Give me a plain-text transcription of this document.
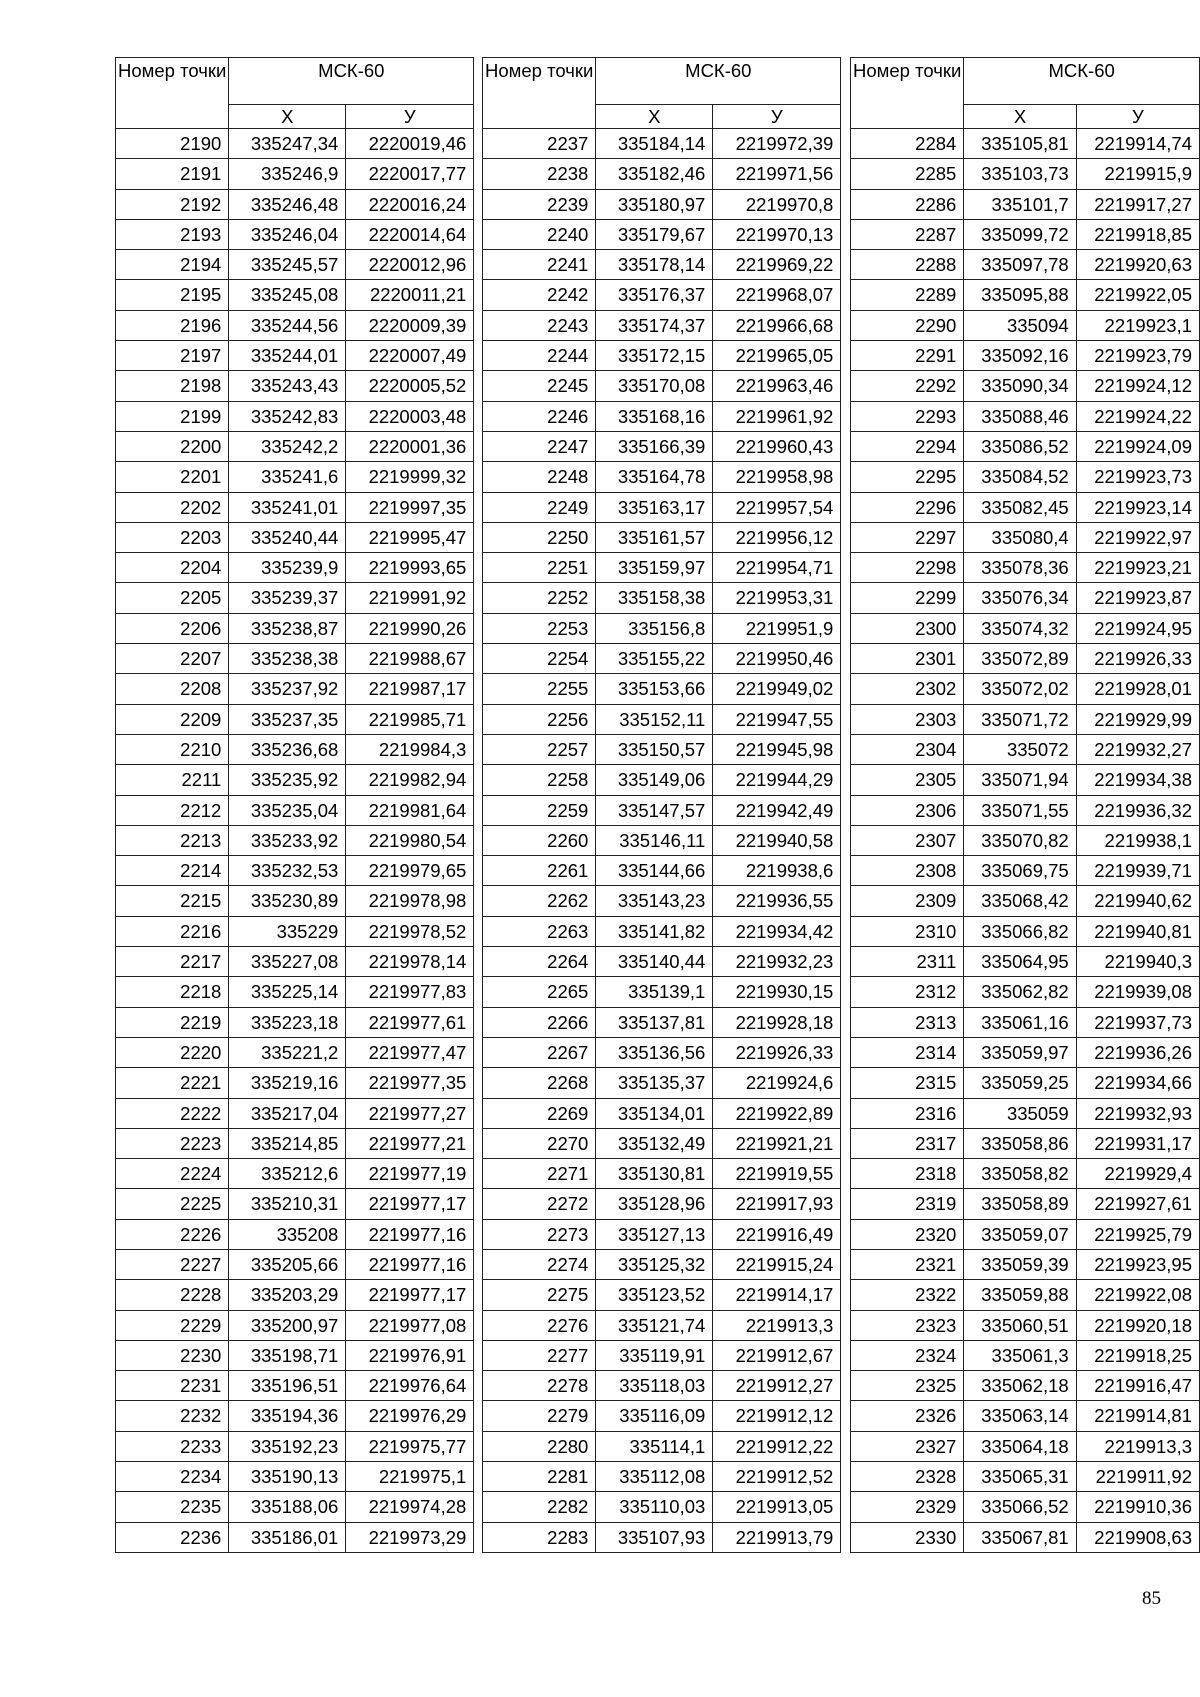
Номер точки	МСК-60	
	Х	У
2190	335247,34	2220019,46
2191	335246,9	2220017,77
2192	335246,48	2220016,24
2193	335246,04	2220014,64
2194	335245,57	2220012,96
2195	335245,08	2220011,21
2196	335244,56	2220009,39
2197	335244,01	2220007,49
2198	335243,43	2220005,52
2199	335242,83	2220003,48
2200	335242,2	2220001,36
2201	335241,6	2219999,32
2202	335241,01	2219997,35
2203	335240,44	2219995,47
2204	335239,9	2219993,65
2205	335239,37	2219991,92
2206	335238,87	2219990,26
2207	335238,38	2219988,67
2208	335237,92	2219987,17
2209	335237,35	2219985,71
2210	335236,68	2219984,3
2211	335235,92	2219982,94
2212	335235,04	2219981,64
2213	335233,92	2219980,54
2214	335232,53	2219979,65
2215	335230,89	2219978,98
2216	335229	2219978,52
2217	335227,08	2219978,14
2218	335225,14	2219977,83
2219	335223,18	2219977,61
2220	335221,2	2219977,47
2221	335219,16	2219977,35
2222	335217,04	2219977,27
2223	335214,85	2219977,21
2224	335212,6	2219977,19
2225	335210,31	2219977,17
2226	335208	2219977,16
2227	335205,66	2219977,16
2228	335203,29	2219977,17
2229	335200,97	2219977,08
2230	335198,71	2219976,91
2231	335196,51	2219976,64
2232	335194,36	2219976,29
2233	335192,23	2219975,77
2234	335190,13	2219975,1
2235	335188,06	2219974,28
2236	335186,01	2219973,29
Номер точки	МСК-60	
	Х	У
2237	335184,14	2219972,39
2238	335182,46	2219971,56
2239	335180,97	2219970,8
2240	335179,67	2219970,13
2241	335178,14	2219969,22
2242	335176,37	2219968,07
2243	335174,37	2219966,68
2244	335172,15	2219965,05
2245	335170,08	2219963,46
2246	335168,16	2219961,92
2247	335166,39	2219960,43
2248	335164,78	2219958,98
2249	335163,17	2219957,54
2250	335161,57	2219956,12
2251	335159,97	2219954,71
2252	335158,38	2219953,31
2253	335156,8	2219951,9
2254	335155,22	2219950,46
2255	335153,66	2219949,02
2256	335152,11	2219947,55
2257	335150,57	2219945,98
2258	335149,06	2219944,29
2259	335147,57	2219942,49
2260	335146,11	2219940,58
2261	335144,66	2219938,6
2262	335143,23	2219936,55
2263	335141,82	2219934,42
2264	335140,44	2219932,23
2265	335139,1	2219930,15
2266	335137,81	2219928,18
2267	335136,56	2219926,33
2268	335135,37	2219924,6
2269	335134,01	2219922,89
2270	335132,49	2219921,21
2271	335130,81	2219919,55
2272	335128,96	2219917,93
2273	335127,13	2219916,49
2274	335125,32	2219915,24
2275	335123,52	2219914,17
2276	335121,74	2219913,3
2277	335119,91	2219912,67
2278	335118,03	2219912,27
2279	335116,09	2219912,12
2280	335114,1	2219912,22
2281	335112,08	2219912,52
2282	335110,03	2219913,05
2283	335107,93	2219913,79
Номер точки	МСК-60	
	Х	У
2284	335105,81	2219914,74
2285	335103,73	2219915,9
2286	335101,7	2219917,27
2287	335099,72	2219918,85
2288	335097,78	2219920,63
2289	335095,88	2219922,05
2290	335094	2219923,1
2291	335092,16	2219923,79
2292	335090,34	2219924,12
2293	335088,46	2219924,22
2294	335086,52	2219924,09
2295	335084,52	2219923,73
2296	335082,45	2219923,14
2297	335080,4	2219922,97
2298	335078,36	2219923,21
2299	335076,34	2219923,87
2300	335074,32	2219924,95
2301	335072,89	2219926,33
2302	335072,02	2219928,01
2303	335071,72	2219929,99
2304	335072	2219932,27
2305	335071,94	2219934,38
2306	335071,55	2219936,32
2307	335070,82	2219938,1
2308	335069,75	2219939,71
2309	335068,42	2219940,62
2310	335066,82	2219940,81
2311	335064,95	2219940,3
2312	335062,82	2219939,08
2313	335061,16	2219937,73
2314	335059,97	2219936,26
2315	335059,25	2219934,66
2316	335059	2219932,93
2317	335058,86	2219931,17
2318	335058,82	2219929,4
2319	335058,89	2219927,61
2320	335059,07	2219925,79
2321	335059,39	2219923,95
2322	335059,88	2219922,08
2323	335060,51	2219920,18
2324	335061,3	2219918,25
2325	335062,18	2219916,47
2326	335063,14	2219914,81
2327	335064,18	2219913,3
2328	335065,31	2219911,92
2329	335066,52	2219910,36
2330	335067,81	2219908,63
85
